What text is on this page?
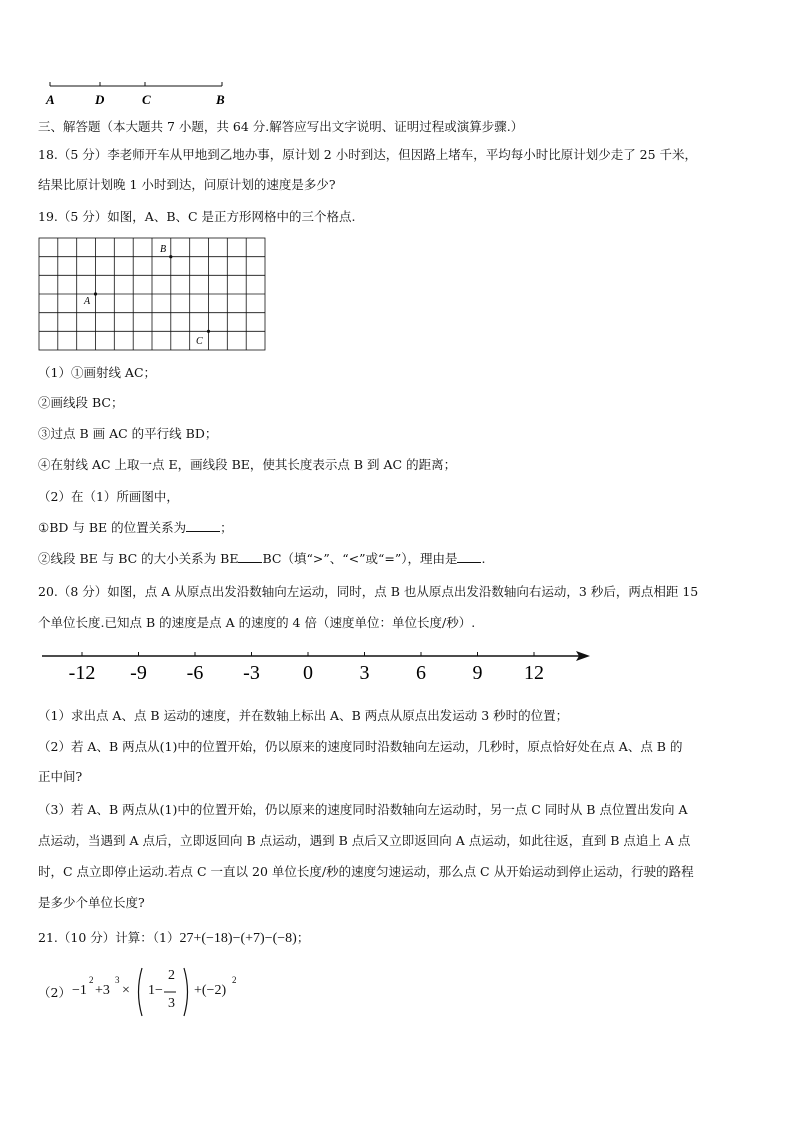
A	D	C	B
三、解答题（本大题共 7 小题，共 64 分.解答应写出文字说明、证明过程或演算步骤.）
18.（5 分）李老师开车从甲地到乙地办事，原计划 2 小时到达，但因路上堵车，平均每小时比原计划少走了 25 千米，
结果比原计划晚 1 小时到达，问原计划的速度是多少?
19.（5 分）如图，A、B、C 是正方形网格中的三个格点.
B
A
C
（1）①画射线 AC；
②画线段 BC；
③过点 B 画 AC 的平行线 BD；
④在射线 AC 上取一点 E，画线段 BE，使其长度表示点 B 到 AC 的距离；
（2）在（1）所画图中，
①BD 与 BE 的位置关系为	；
②线段 BE 与 BC 的大小关系为 BE BC（填“>”、“<”或“=”），理由是 .
20.（8 分）如图，点 A 从原点出发沿数轴向左运动，同时，点 B 也从原点出发沿数轴向右运动，3 秒后，两点相距 15
个单位长度.已知点 B 的速度是点 A 的速度的 4 倍（速度单位：单位长度/秒）.
-12 -9 -6 -3 0 3 6 9 12
（1）求出点 A、点 B 运动的速度，并在数轴上标出 A、B 两点从原点出发运动 3 秒时的位置；
（2）若 A、B 两点从(1)中的位置开始，仍以原来的速度同时沿数轴向左运动，几秒时，原点恰好处在点 A、点 B 的
正中间?
（3）若 A、B 两点从(1)中的位置开始，仍以原来的速度同时沿数轴向左运动时，另一点 C 同时从 B 点位置出发向 A
点运动，当遇到 A 点后，立即返回向 B 点运动，遇到 B 点后又立即返回向 A 点运动，如此往返，直到 B 点追上 A 点
时，C 点立即停止运动.若点 C 一直以 20 单位长度/秒的速度匀速运动，那么点 C 从开始运动到停止运动，行驶的路程
是多少个单位长度?
21.（10 分）计算：（1）27+(−18)−(+7)−(−8)；
（2） −1
2
+3
3
× 1−
2
3
+(−2)
2
